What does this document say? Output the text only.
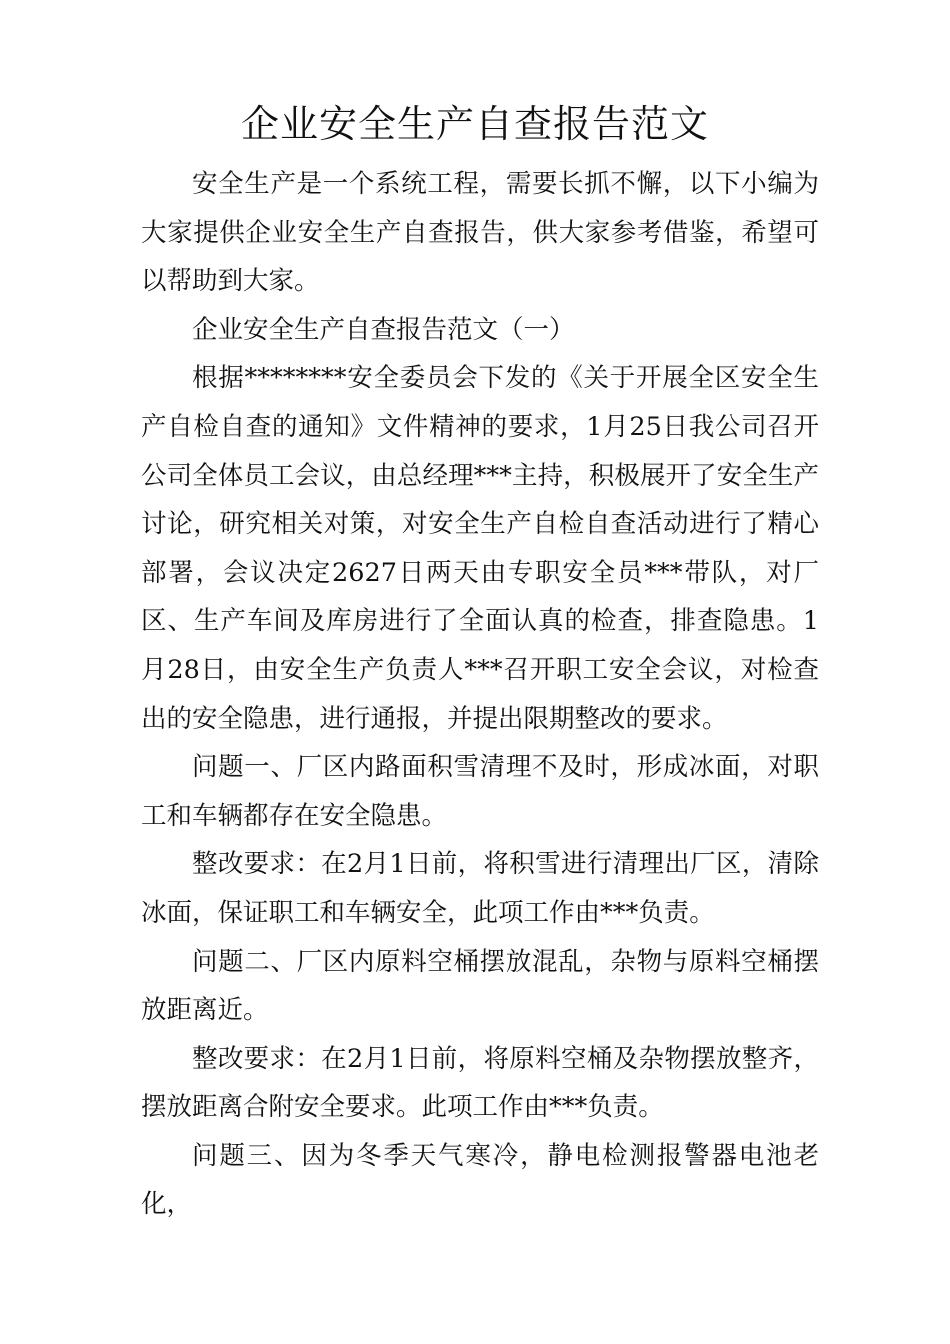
企业安全生产自查报告范文

安全生产是一个系统工程，需要长抓不懈，以下小编为大家提供企业安全生产自查报告，供大家参考借鉴，希望可以帮助到大家。

企业安全生产自查报告范文（一）

根据********安全委员会下发的《关于开展全区安全生产自检自查的通知》文件精神的要求，1月25日我公司召开公司全体员工会议，由总经理***主持，积极展开了安全生产讨论，研究相关对策，对安全生产自检自查活动进行了精心部署，会议决定2627日两天由专职安全员***带队，对厂区、生产车间及库房进行了全面认真的检查，排查隐患。1月28日，由安全生产负责人***召开职工安全会议，对检查出的安全隐患，进行通报，并提出限期整改的要求。

问题一、厂区内路面积雪清理不及时，形成冰面，对职工和车辆都存在安全隐患。

整改要求：在2月1日前，将积雪进行清理出厂区，清除冰面，保证职工和车辆安全，此项工作由***负责。

问题二、厂区内原料空桶摆放混乱，杂物与原料空桶摆放距离近。

整改要求：在2月1日前，将原料空桶及杂物摆放整齐，摆放距离合附安全要求。此项工作由***负责。

问题三、因为冬季天气寒冷，静电检测报警器电池老化，
